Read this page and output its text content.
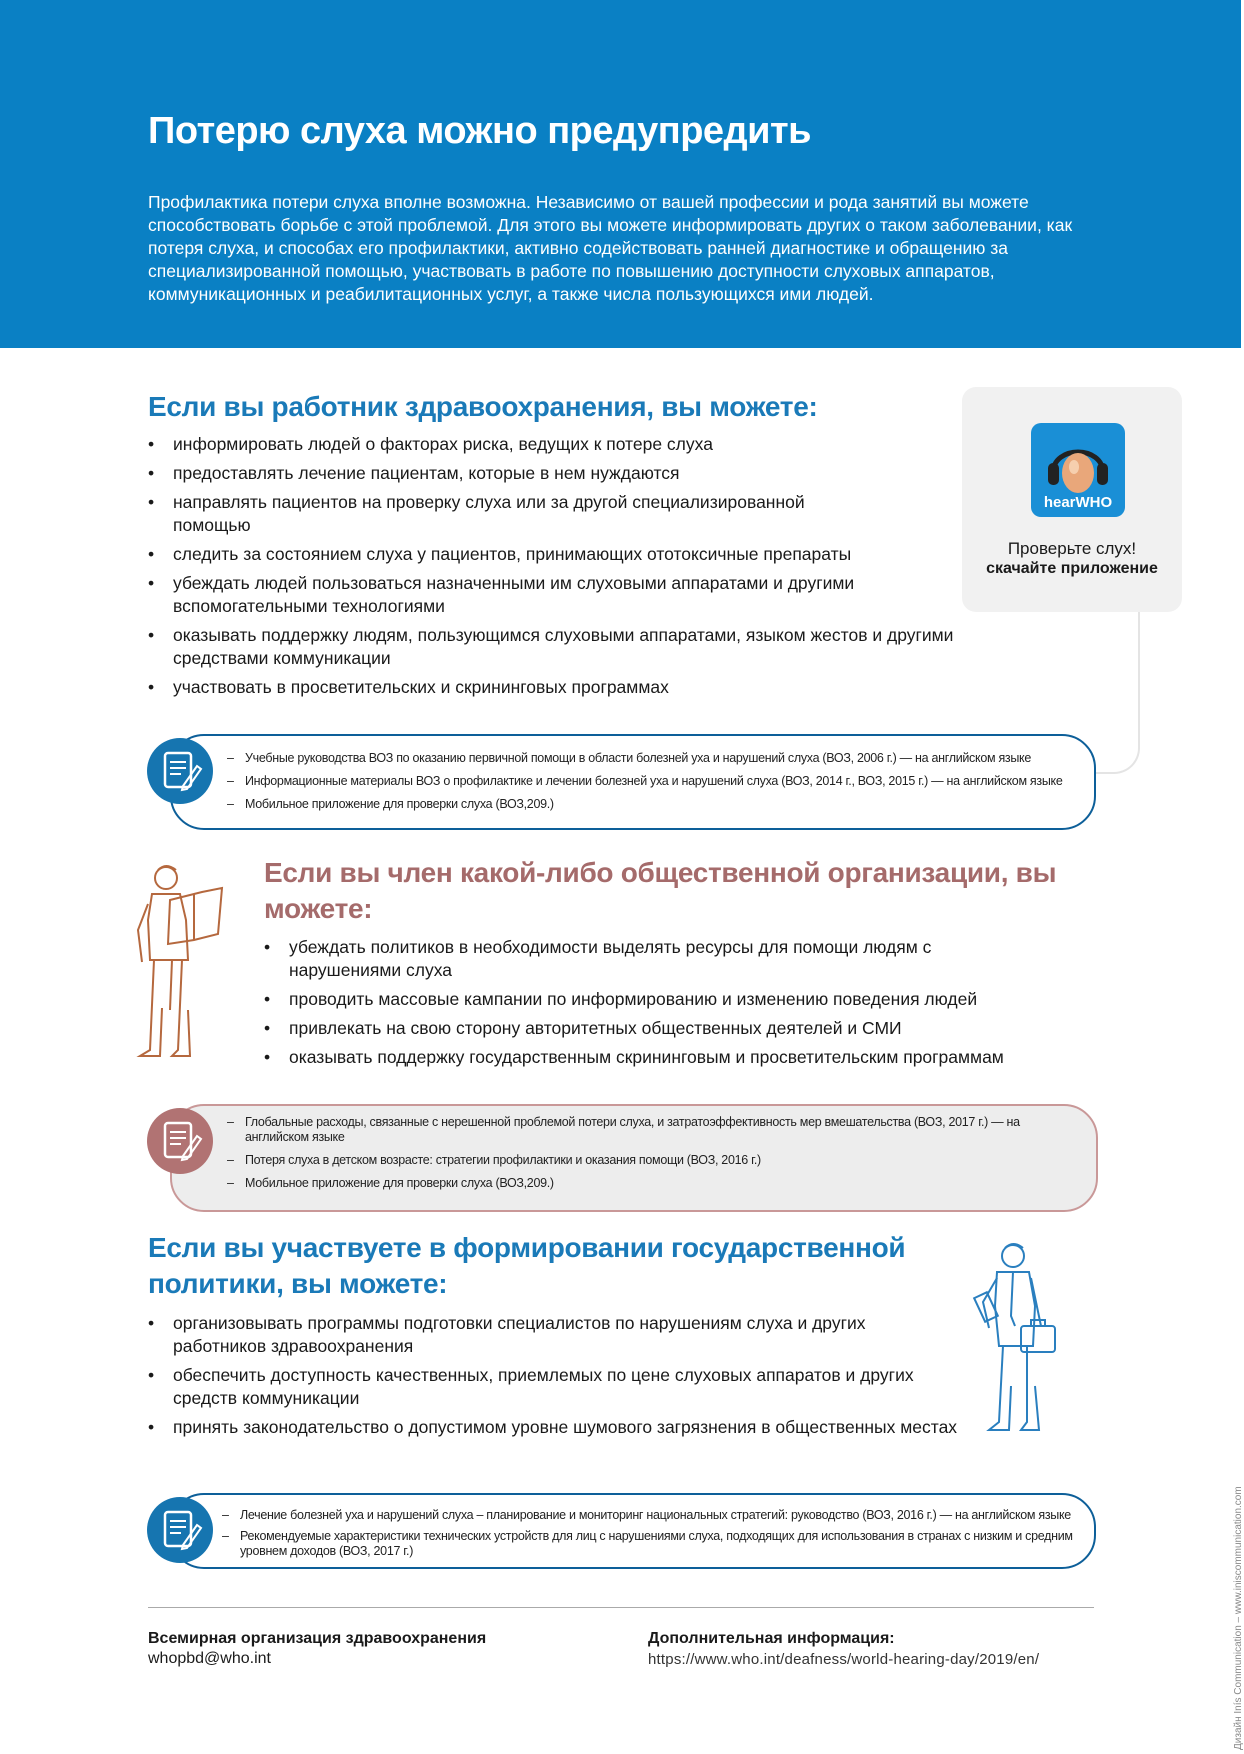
Потерю слуха можно предупредить
Профилактика потери слуха вполне возможна. Независимо от вашей профессии и рода занятий вы можете способствовать борьбе с этой проблемой. Для этого вы можете информировать других о таком заболевании, как потеря слуха, и способах его профилактики, активно содействовать ранней диагностике и обращению за специализированной помощью, участвовать в работе по повышению доступности слуховых аппаратов, коммуникационных и реабилитационных услуг, а также числа пользующихся ими людей.
Если вы работник здравоохранения, вы можете:
• информировать людей о факторах риска, ведущих к потере слуха
• предоставлять лечение пациентам, которые в нем нуждаются
• направлять пациентов на проверку слуха или за другой специализированной помощью
• следить за состоянием слуха у пациентов, принимающих ототоксичные препараты
• убеждать людей пользоваться назначенными им слуховыми аппаратами и другими вспомогательными технологиями
• оказывать поддержку людям, пользующимся слуховыми аппаратами, языком жестов и другими средствами коммуникации
• участвовать в просветительских и скрининговых программах
hearWHO
Проверьте слух!
скачайте приложение
– Учебные руководства ВОЗ по оказанию первичной помощи в области болезней уха и нарушений слуха (ВОЗ, 2006 г.) — на английском языке
– Информационные материалы ВОЗ о профилактике и лечении болезней уха и нарушений слуха (ВОЗ, 2014 г., ВОЗ, 2015 г.) — на английском языке
– Мобильное приложение для проверки слуха (ВОЗ,209.)
Если вы член какой-либо общественной организации, вы можете:
• убеждать политиков в необходимости выделять ресурсы для помощи людям с нарушениями слуха
• проводить массовые кампании по информированию и изменению поведения людей
• привлекать на свою сторону авторитетных общественных деятелей и СМИ
• оказывать поддержку государственным скрининговым и просветительским программам
– Глобальные расходы, связанные с нерешенной проблемой потери слуха, и затратоэффективность мер вмешательства (ВОЗ, 2017 г.) — на английском языке
– Потеря слуха в детском возрасте: стратегии профилактики и оказания помощи (ВОЗ, 2016 г.)
– Мобильное приложение для проверки слуха (ВОЗ,209.)
Если вы участвуете в формировании государственной политики, вы можете:
• организовывать программы подготовки специалистов по нарушениям слуха и других работников здравоохранения
• обеспечить доступность качественных, приемлемых по цене слуховых аппаратов и других средств коммуникации
• принять законодательство о допустимом уровне шумового загрязнения в общественных местах
– Лечение болезней уха и нарушений слуха – планирование и мониторинг национальных стратегий: руководство (ВОЗ, 2016 г.) — на английском языке
– Рекомендуемые характеристики технических устройств для лиц с нарушениями слуха, подходящих для использования в странах с низким и средним уровнем доходов (ВОЗ, 2017 г.)
Всемирная организация здравоохранения
whopbd@who.int
Дополнительная информация:
https://www.who.int/deafness/world-hearing-day/2019/en/	Дизайн Inís Communication – www.iniscommunication.com
